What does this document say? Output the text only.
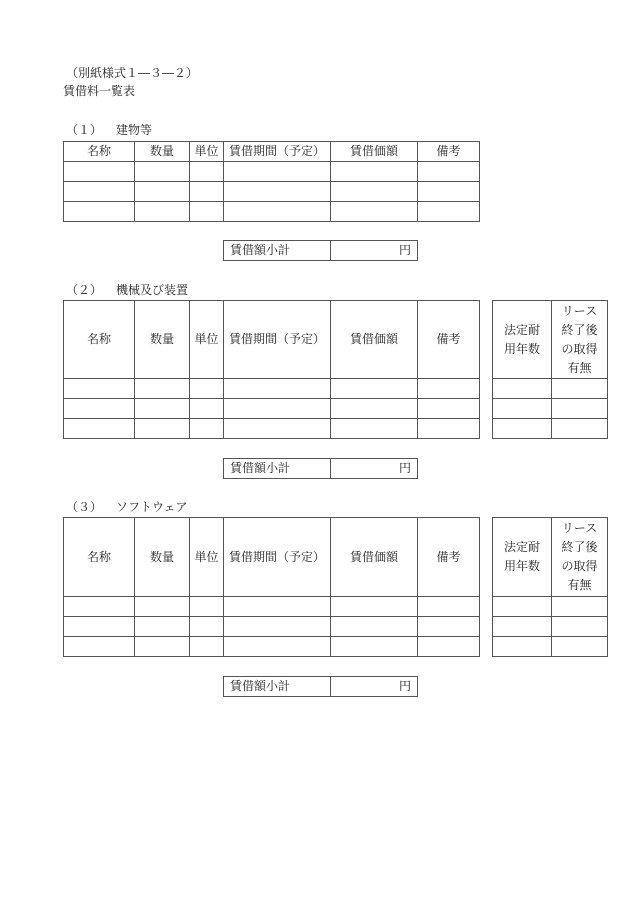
（別紙様式１―３―２）
賃借料一覧表
（１） 建物等
名称	数量	単位	賃借期間（予定）	賃借価額	備考

賃借額小計	円
（２） 機械及び装置
名称	数量	単位	賃借期間（予定）	賃借価額	備考

法定耐用年数	リース終了後の取得有無

賃借額小計	円
（３） ソフトウェア
名称	数量	単位	賃借期間（予定）	賃借価額	備考

法定耐用年数	リース終了後の取得有無

賃借額小計	円
